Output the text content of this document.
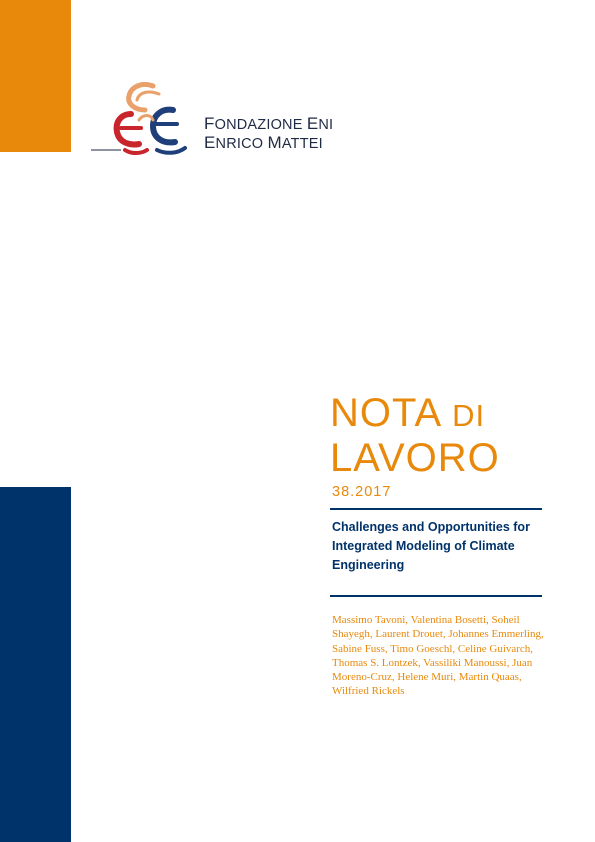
FONDAZIONE ENI
ENRICO MATTEI
NOTA DI
LAVORO
38.2017
Challenges and Opportunities for Integrated Modeling of Climate Engineering
Massimo Tavoni, Valentina Bosetti, Soheil Shayegh, Laurent Drouet, Johannes Emmerling, Sabine Fuss, Timo Goeschl, Celine Guivarch, Thomas S. Lontzek, Vassiliki Manoussi, Juan Moreno-Cruz, Helene Muri, Martin Quaas, Wilfried Rickels
